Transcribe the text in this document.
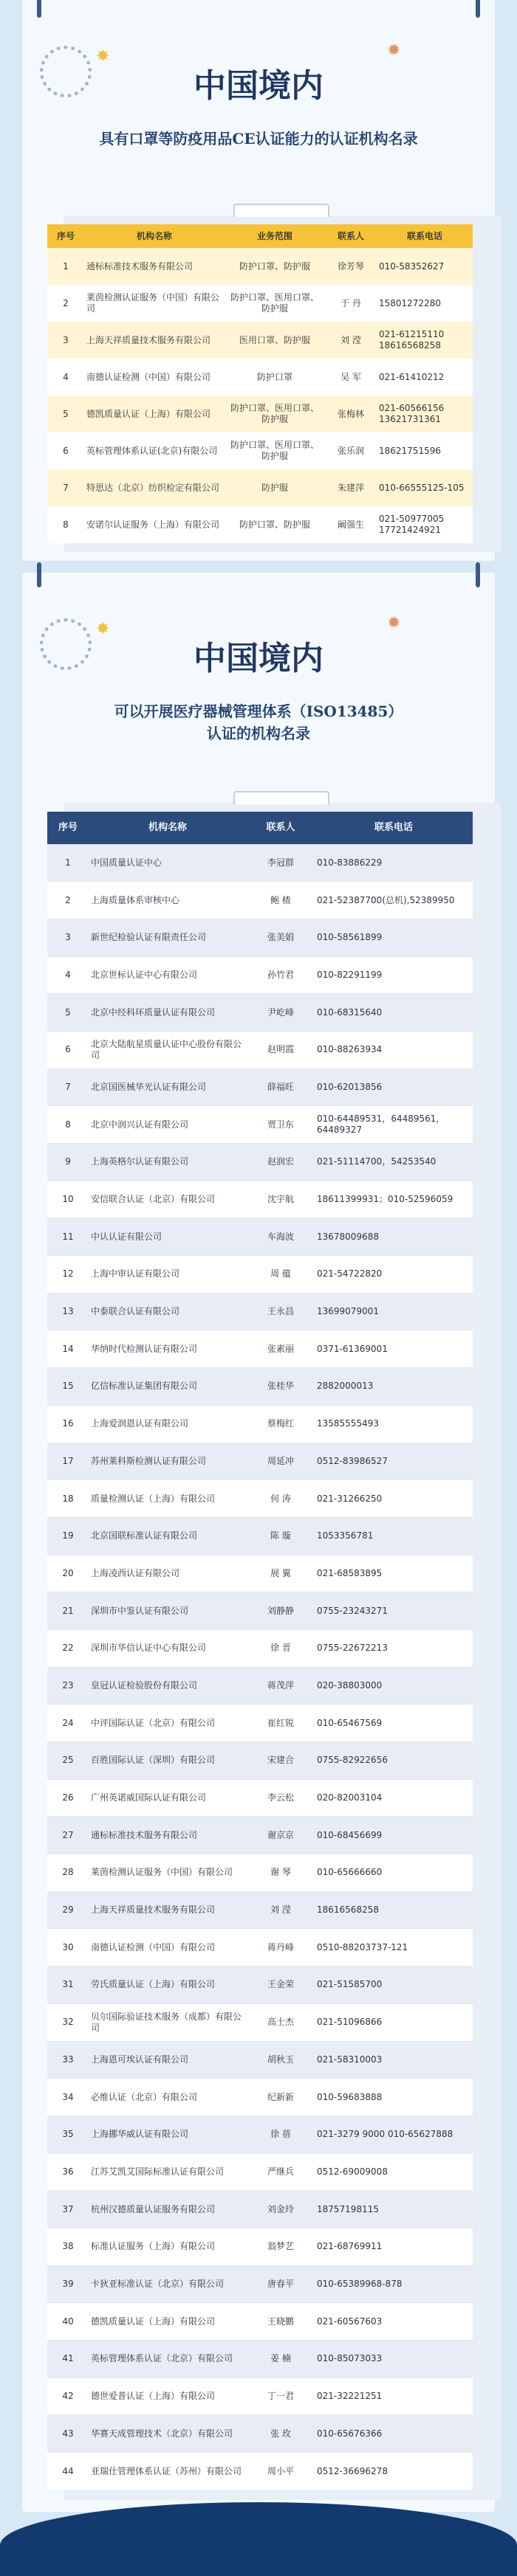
✸	✹
中国境内
具有口罩等防疫用品CE认证能力的认证机构名录
序号	机构名称	业务范围	联系人	联系电话
1	通标标准技术服务有限公司	防护口罩、防护服	徐芳琴	010-58352627
2	莱茵检测认证服务（中国）有限公司	防护口罩、医用口罩、防护服	于 丹	15801272280
3	上海天祥质量技术服务有限公司	医用口罩、防护服	刘 滢	021-61215110 18616568258
4	南德认证检测（中国）有限公司	防护口罩	吴 军	021-61410212
5	德凯质量认证（上海）有限公司	防护口罩、医用口罩、防护服	张梅林	021-60566156 13621731361
6	英标管理体系认证(北京)有限公司	防护口罩、医用口罩、防护服	张乐润	18621751596
7	特思达（北京）纺织检定有限公司	防护服	朱建萍	010-66555125-105
8	安诺尔认证服务（上海）有限公司	防护口罩、防护服	阚强生	021-50977005 17721424921
✸	✹
中国境内
可以开展医疗器械管理体系（ISO13485）
认证的机构名录
序号	机构名称	联系人	联系电话
1	中国质量认证中心	李冠群	010-83886229
2	上海质量体系审核中心	鲍 楂	021-52387700(总机),52389950
3	新世纪检验认证有限责任公司	张美娟	010-58561899
4	北京世标认证中心有限公司	孙竹君	010-82291199
5	北京中经科环质量认证有限公司	尹屹峰	010-68315640
6	北京大陆航星质量认证中心股份有限公司	赵明霞	010-88263934
7	北京国医械华光认证有限公司	薛福旺	010-62013856
8	北京中润兴认证有限公司	贾卫东	010-64489531，64489561，64489327
9	上海英格尔认证有限公司	赵润宏	021-51114700，54253540
10	安信联合认证（北京）有限公司	沈宇航	18611399931；010-52596059
11	中认认证有限公司	车海波	13678009688
12	上海中审认证有限公司	周 蕴	021-54722820
13	中泰联合认证有限公司	王永昌	13699079001
14	华纳时代检测认证有限公司	张素丽	0371-61369001
15	亿信标准认证集团有限公司	张桂华	2882000013
16	上海爱润恩认证有限公司	蔡梅红	13585555493
17	苏州莱科斯检测认证有限公司	周延冲	0512-83986527
18	质量检测认证（上海）有限公司	何 涛	021-31266250
19	北京国联标准认证有限公司	陈 璇	1053356781
20	上海凌西认证有限公司	展 翼	021-68583895
21	深圳市中鉴认证有限公司	刘静静	0755-23243271
22	深圳市华信认证中心有限公司	徐 晋	0755-22672213
23	皇冠认证检验股份有限公司	蒋茂萍	020-38803000
24	中评国际认证（北京）有限公司	崔红锐	010-65467569
25	百胜国际认证（深圳）有限公司	宋建合	0755-82922656
26	广州英诺威国际认证有限公司	李云松	020-82003104
27	通标标准技术服务有限公司	谢京京	010-68456699
28	莱茵检测认证服务（中国）有限公司	谢 琴	010-65666660
29	上海天祥质量技术服务有限公司	刘 滢	18616568258
30	南德认证检测（中国）有限公司	蒋丹峰	0510-88203737-121
31	劳氏质量认证（上海）有限公司	王金荣	021-51585700
32	贝尔国际验证技术服务（成都）有限公司	高士杰	021-51096866
33	上海恩可埃认证有限公司	胡秋玉	021-58310003
34	必维认证（北京）有限公司	纪新新	010-59683888
35	上海挪华威认证有限公司	徐 蓓	021-3279 9000 010-65627888
36	江苏艾凯艾国际标准认证有限公司	严继兵	0512-69009008
37	杭州汉德质量认证服务有限公司	刘金玲	18757198115
38	标准认证服务（上海）有限公司	翁梦艺	021-68769911
39	卡狄亚标准认证（北京）有限公司	唐春平	010-65389968-878
40	德凯质量认证（上海）有限公司	王晓鹏	021-60567603
41	英标管理体系认证（北京）有限公司	姜 楠	010-85073033
42	德世爱普认证（上海）有限公司	丁一君	021-32221251
43	华赛天成管理技术（北京）有限公司	张 玫	010-65676366
44	亚瑞仕管理体系认证（苏州）有限公司	周小平	0512-36696278
